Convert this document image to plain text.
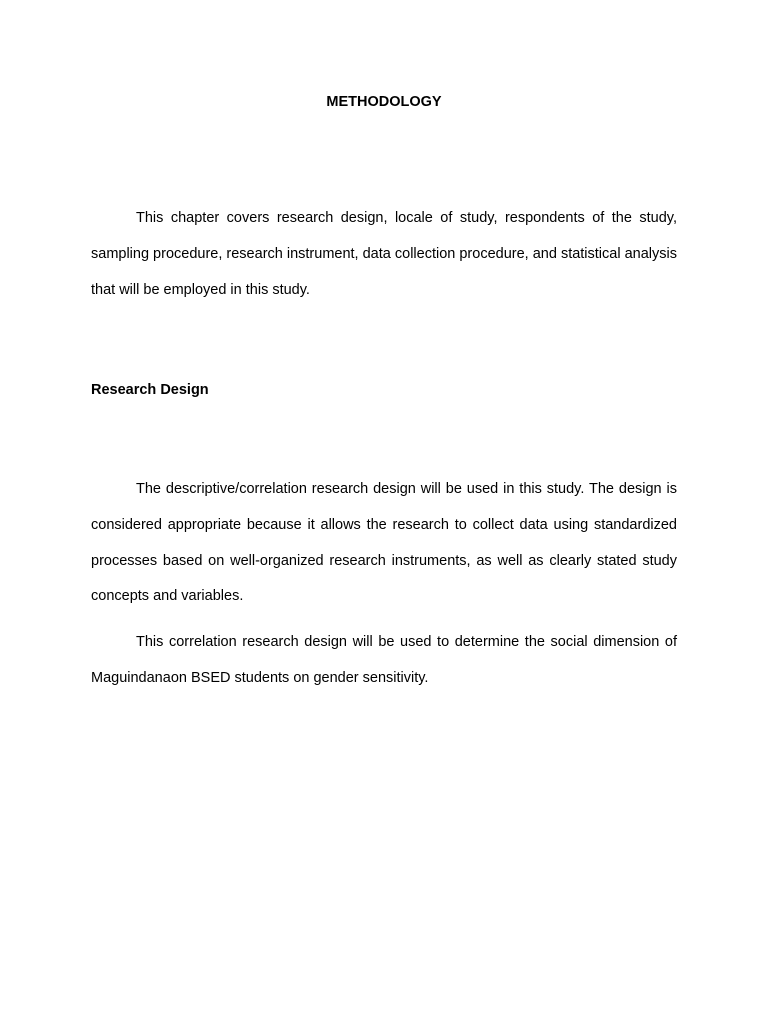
METHODOLOGY

This chapter covers research design, locale of study, respondents of the study, sampling procedure, research instrument, data collection procedure, and statistical analysis that will be employed in this study.

Research Design

The descriptive/correlation research design will be used in this study. The design is considered appropriate because it allows the research to collect data using standardized processes based on well-organized research instruments, as well as clearly stated study concepts and variables.

This correlation research design will be used to determine the social dimension of Maguindanaon BSED students on gender sensitivity.
